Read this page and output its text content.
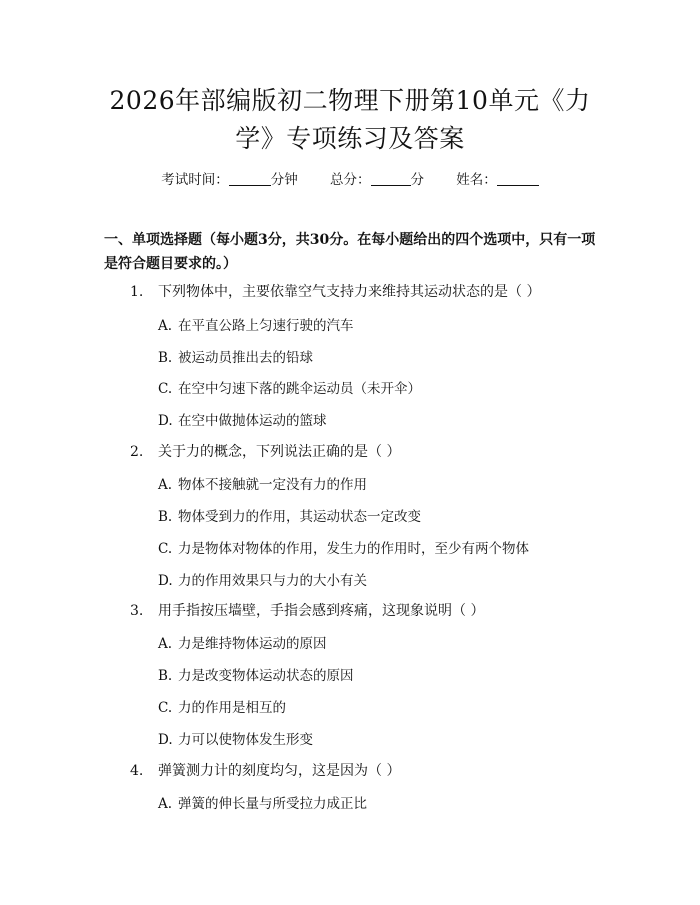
2026年部编版初二物理下册第10单元《力
学》专项练习及答案
考试时间：	分钟 总分：	分 姓名：
一、单项选择题（每小题3分，共30分。在每小题给出的四个选项中，只有一项是符合题目要求的。）
1. 下列物体中，主要依靠空气支持力来维持其运动状态的是（ ）
A. 在平直公路上匀速行驶的汽车
B. 被运动员推出去的铅球
C. 在空中匀速下落的跳伞运动员（未开伞）
D. 在空中做抛体运动的篮球
2. 关于力的概念，下列说法正确的是（ ）
A. 物体不接触就一定没有力的作用
B. 物体受到力的作用，其运动状态一定改变
C. 力是物体对物体的作用，发生力的作用时，至少有两个物体
D. 力的作用效果只与力的大小有关
3. 用手指按压墙壁，手指会感到疼痛，这现象说明（ ）
A. 力是维持物体运动的原因
B. 力是改变物体运动状态的原因
C. 力的作用是相互的
D. 力可以使物体发生形变
4. 弹簧测力计的刻度均匀，这是因为（ ）
A. 弹簧的伸长量与所受拉力成正比
